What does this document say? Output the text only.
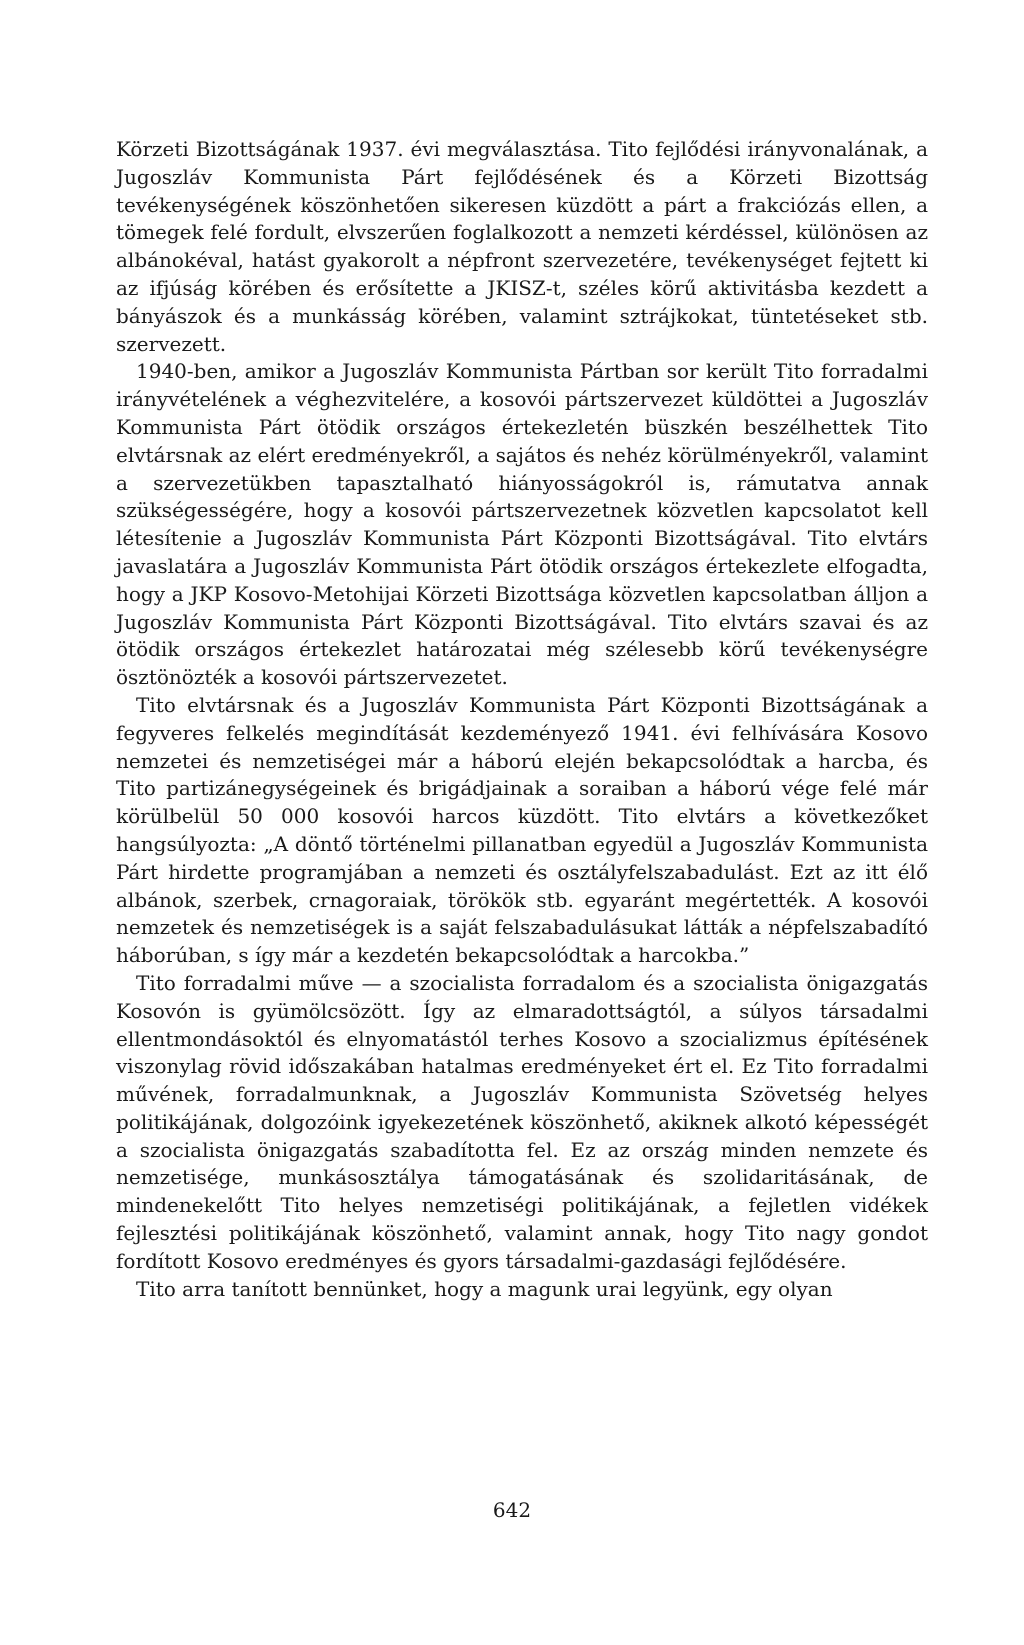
Körzeti Bizottságának 1937. évi megválasztása. Tito fejlődési irányvonalának, a Jugoszláv Kommunista Párt fejlődésének és a Körzeti Bizottság tevékenységének köszönhetően sikeresen küzdött a párt a frakciózás ellen, a tömegek felé fordult, elvszerűen foglalkozott a nemzeti kérdéssel, különösen az albánokéval, hatást gyakorolt a népfront szervezetére, tevékenységet fejtett ki az ifjúság körében és erősítette a JKISZ-t, széles körű aktivitásba kezdett a bányászok és a munkásság körében, valamint sztrájkokat, tüntetéseket stb. szervezett.

1940-ben, amikor a Jugoszláv Kommunista Pártban sor került Tito forradalmi irányvételének a véghezvitelére, a kosovói pártszervezet küldöttei a Jugoszláv Kommunista Párt ötödik országos értekezletén büszkén beszélhettek Tito elvtársnak az elért eredményekről, a sajátos és nehéz körülményekről, valamint a szervezetükben tapasztalható hiányosságokról is, rámutatva annak szükségességére, hogy a kosovói pártszervezetnek közvetlen kapcsolatot kell létesítenie a Jugoszláv Kommunista Párt Központi Bizottságával. Tito elvtárs javaslatára a Jugoszláv Kommunista Párt ötödik országos értekezlete elfogadta, hogy a JKP Kosovo-Metohijai Körzeti Bizottsága közvetlen kapcsolatban álljon a Jugoszláv Kommunista Párt Központi Bizottságával. Tito elvtárs szavai és az ötödik országos értekezlet határozatai még szélesebb körű tevékenységre ösztönözték a kosovói pártszervezetet.

Tito elvtársnak és a Jugoszláv Kommunista Párt Központi Bizottságának a fegyveres felkelés megindítását kezdeményező 1941. évi felhívására Kosovo nemzetei és nemzetiségei már a háború elején bekapcsolódtak a harcba, és Tito partizánegységeinek és brigádjainak a soraiban a háború vége felé már körülbelül 50 000 kosovói harcos küzdött. Tito elvtárs a következőket hangsúlyozta: „A döntő történelmi pillanatban egyedül a Jugoszláv Kommunista Párt hirdette programjában a nemzeti és osztályfelszabadulást. Ezt az itt élő albánok, szerbek, crnagoraiak, törökök stb. egyaránt megértették. A kosovói nemzetek és nemzetiségek is a saját felszabadulásukat látták a népfelszabadító háborúban, s így már a kezdetén bekapcsolódtak a harcokba.”

Tito forradalmi műve — a szocialista forradalom és a szocialista önigazgatás Kosovón is gyümölcsözött. Így az elmaradottságtól, a súlyos társadalmi ellentmondásoktól és elnyomatástól terhes Kosovo a szocializmus építésének viszonylag rövid időszakában hatalmas eredményeket ért el. Ez Tito forradalmi művének, forradalmunknak, a Jugoszláv Kommunista Szövetség helyes politikájának, dolgozóink igyekezetének köszönhető, akiknek alkotó képességét a szocialista önigazgatás szabadította fel. Ez az ország minden nemzete és nemzetisége, munkásosztálya támogatásának és szolidaritásának, de mindenekelőtt Tito helyes nemzetiségi politikájának, a fejletlen vidékek fejlesztési politikájának köszönhető, valamint annak, hogy Tito nagy gondot fordított Kosovo eredményes és gyors társadalmi-gazdasági fejlődésére.

Tito arra tanított bennünket, hogy a magunk urai legyünk, egy olyan

642
